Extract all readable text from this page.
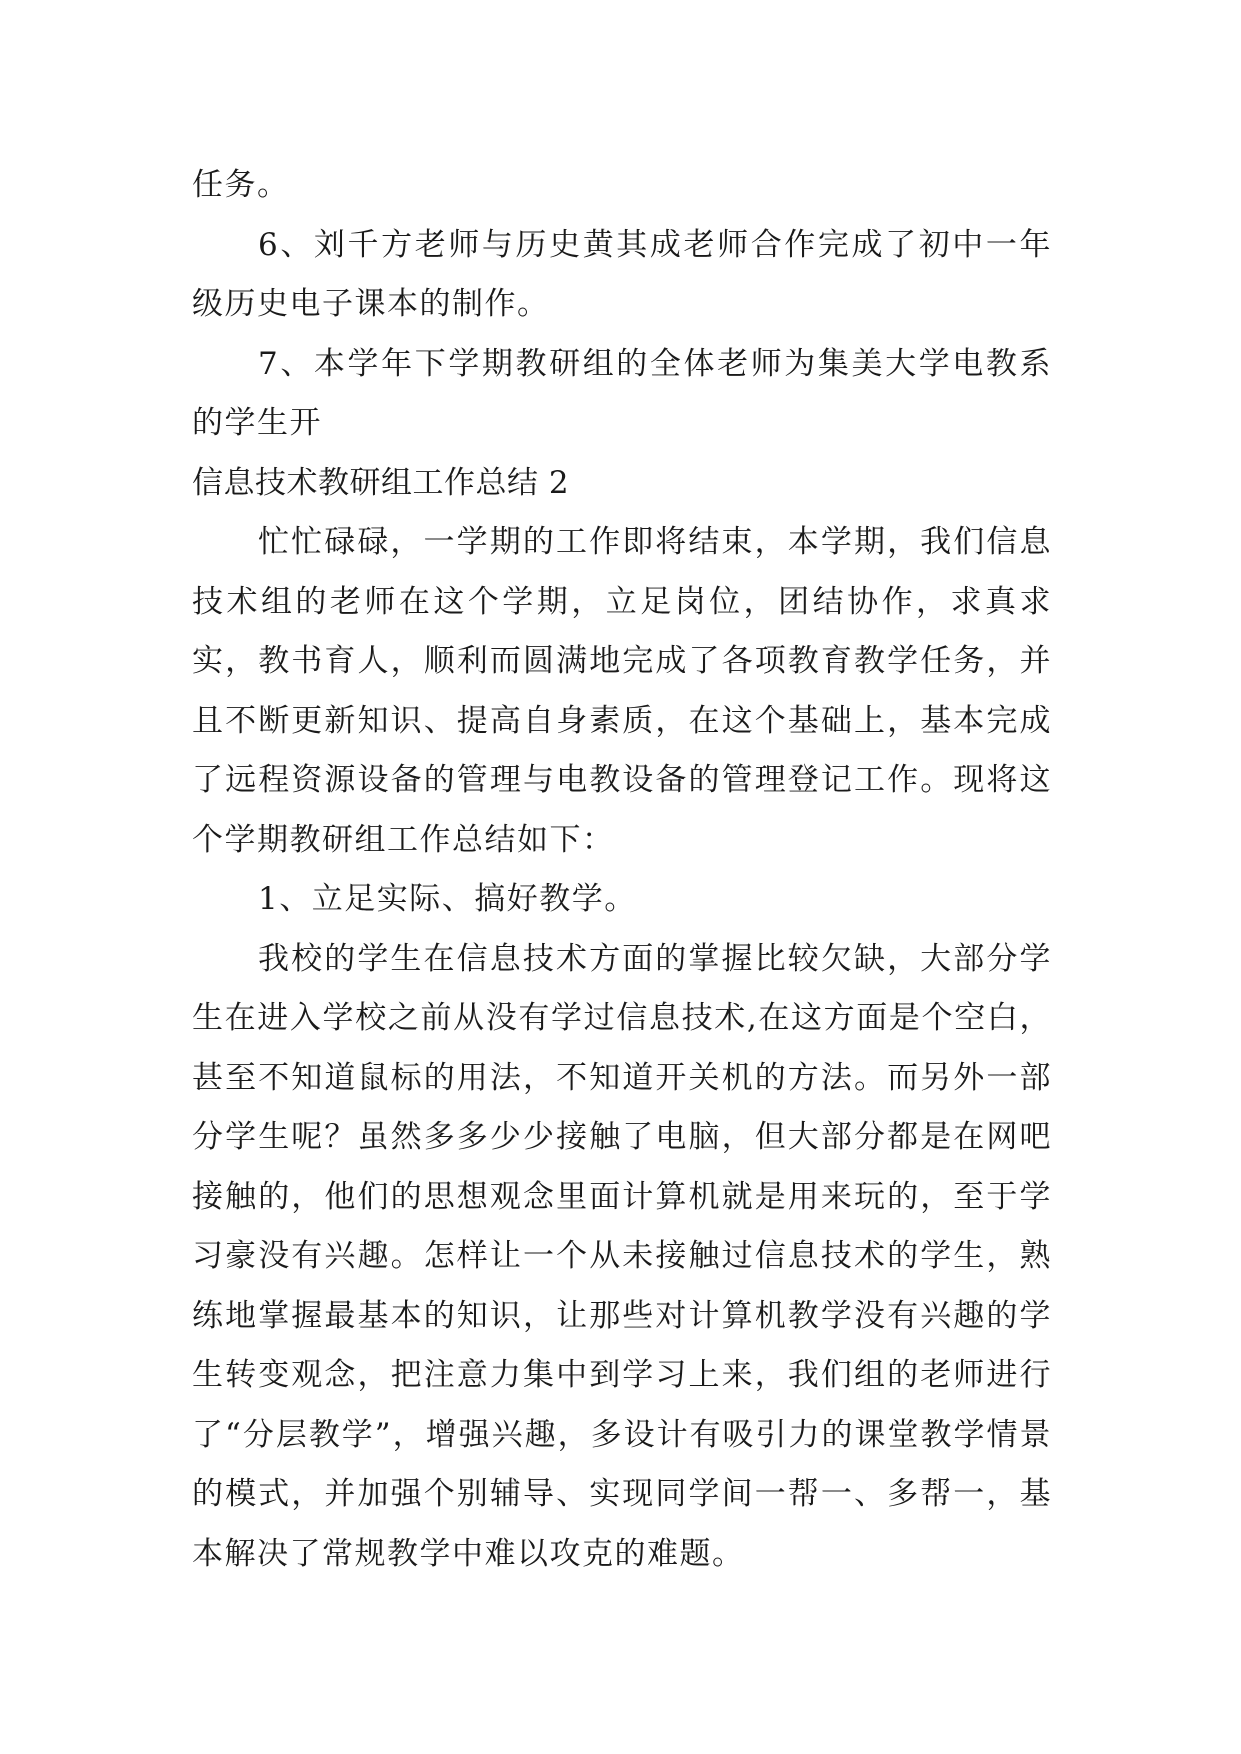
任务。

6、刘千方老师与历史黄其成老师合作完成了初中一年级历史电子课本的制作。

7、本学年下学期教研组的全体老师为集美大学电教系的学生开

信息技术教研组工作总结 2

忙忙碌碌，一学期的工作即将结束，本学期，我们信息技术组的老师在这个学期，立足岗位，团结协作，求真求实，教书育人，顺利而圆满地完成了各项教育教学任务，并且不断更新知识、提高自身素质，在这个基础上，基本完成了远程资源设备的管理与电教设备的管理登记工作。现将这个学期教研组工作总结如下：

1、立足实际、搞好教学。

我校的学生在信息技术方面的掌握比较欠缺，大部分学生在进入学校之前从没有学过信息技术,在这方面是个空白，甚至不知道鼠标的用法，不知道开关机的方法。而另外一部分学生呢？虽然多多少少接触了电脑，但大部分都是在网吧接触的，他们的思想观念里面计算机就是用来玩的，至于学习豪没有兴趣。怎样让一个从未接触过信息技术的学生，熟练地掌握最基本的知识，让那些对计算机教学没有兴趣的学生转变观念，把注意力集中到学习上来，我们组的老师进行了“分层教学”，增强兴趣，多设计有吸引力的课堂教学情景的模式，并加强个别辅导、实现同学间一帮一、多帮一，基本解决了常规教学中难以攻克的难题。
